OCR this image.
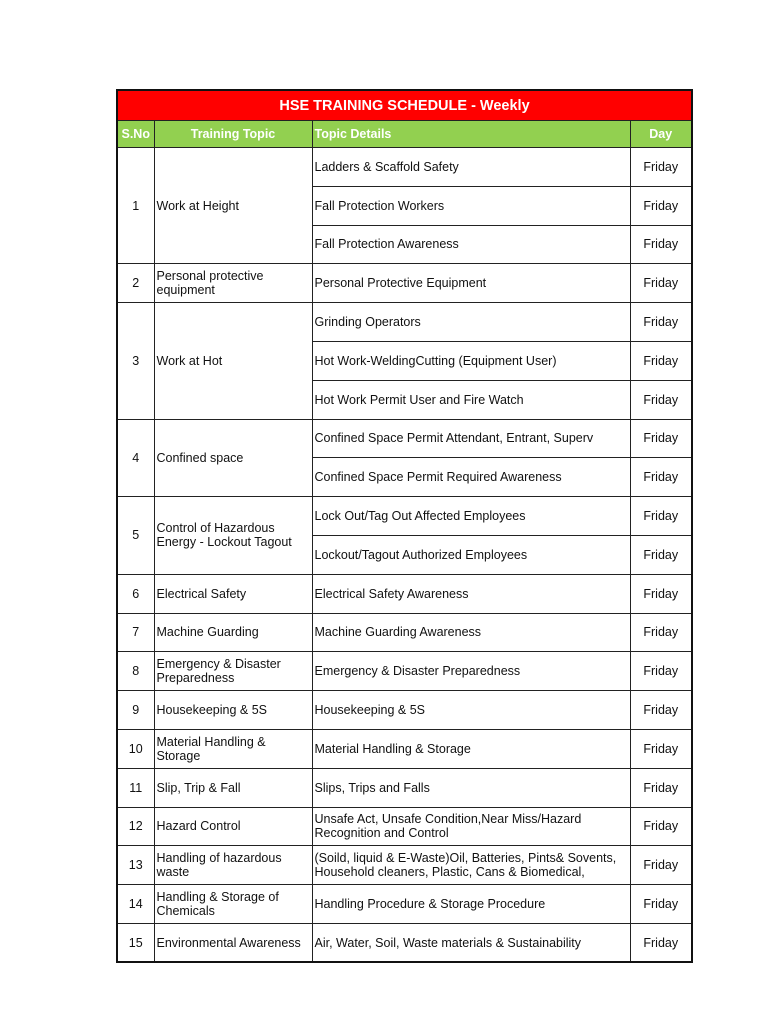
HSE TRAINING SCHEDULE - Weekly			
S.No	Training Topic	Topic Details	Day
1	Work at Height	Ladders & Scaffold Safety	Friday
		Fall Protection Workers	Friday
		Fall Protection Awareness	Friday
2	Personal protective equipment	Personal Protective Equipment	Friday
3	Work at Hot	Grinding Operators	Friday
		Hot Work-WeldingCutting (Equipment User)	Friday
		Hot Work Permit User and Fire Watch	Friday
4	Confined space	Confined Space Permit Attendant, Entrant, Superv	Friday
		Confined Space Permit Required Awareness	Friday
5	Control of Hazardous Energy - Lockout Tagout	Lock Out/Tag Out Affected Employees	Friday
		Lockout/Tagout Authorized Employees	Friday
6	Electrical Safety	Electrical Safety Awareness	Friday
7	Machine Guarding	Machine Guarding Awareness	Friday
8	Emergency & Disaster Preparedness	Emergency & Disaster Preparedness	Friday
9	Housekeeping & 5S	Housekeeping & 5S	Friday
10	Material Handling & Storage	Material Handling & Storage	Friday
11	Slip, Trip & Fall	Slips, Trips and Falls	Friday
12	Hazard Control	Unsafe Act, Unsafe Condition,Near Miss/Hazard Recognition and Control	Friday
13	Handling of hazardous waste	(Soild, liquid & E-Waste)Oil, Batteries, Pints& Sovents, Household cleaners, Plastic, Cans & Biomedical,	Friday
14	Handling & Storage of Chemicals	Handling Procedure & Storage Procedure	Friday
15	Environmental Awareness	Air, Water, Soil, Waste materials & Sustainability	Friday
